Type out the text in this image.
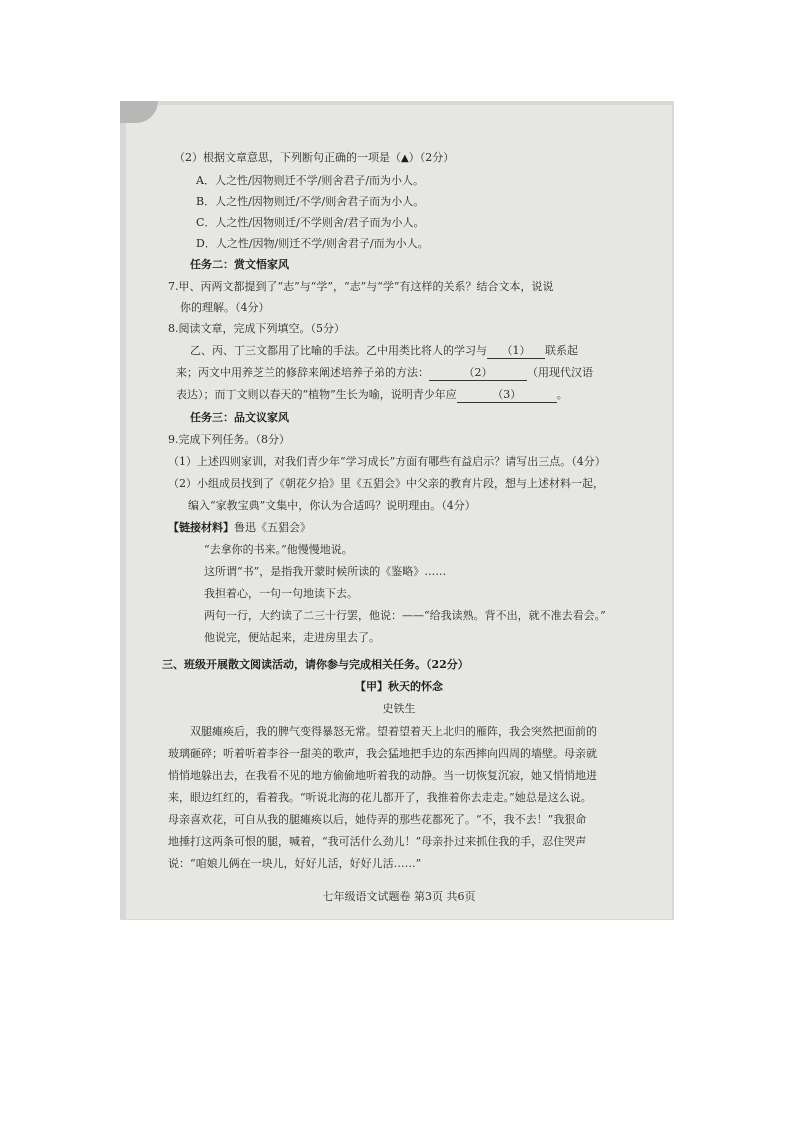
（2）根据文章意思，下列断句正确的一项是（▲）（2分）
A．人之性/因物则迁不学/则舍君子/而为小人。
B．人之性/因物则迁/不学/则舍君子而为小人。
C．人之性/因物则迁/不学则舍/君子而为小人。
D．人之性/因物/则迁不学/则舍君子/而为小人。
任务二：赏文悟家风
7.甲、丙两文都提到了“志”与“学”，“志”与“学”有这样的关系？结合文本，说说
你的理解。（4分）
8.阅读文章，完成下列填空。（5分）
乙、丙、丁三文都用了比喻的手法。乙中用类比将人的学习与 （1） 联系起
来；丙文中用养芝兰的修辞来阐述培养子弟的方法：	（2）	（用现代汉语
表达）；而丁文则以春天的“植物”生长为喻，说明青少年应	（3）	。
任务三：品文议家风
9.完成下列任务。（8分）
（1）上述四则家训，对我们青少年“学习成长”方面有哪些有益启示？请写出三点。（4分）
（2）小组成员找到了《朝花夕拾》里《五猖会》中父亲的教育片段，想与上述材料一起，
编入“家教宝典”文集中，你认为合适吗？说明理由。（4分）
【链接材料】鲁迅《五猖会》
“去拿你的书来。”他慢慢地说。
这所谓“书”，是指我开蒙时候所读的《鉴略》……
我担着心，一句一句地读下去。
两句一行，大约读了二三十行罢，他说：——“给我读熟。背不出，就不准去看会。”
他说完，便站起来，走进房里去了。
三、班级开展散文阅读活动，请你参与完成相关任务。（22分）
【甲】秋天的怀念
史铁生
双腿瘫痪后，我的脾气变得暴怒无常。望着望着天上北归的雁阵，我会突然把面前的
玻璃砸碎；听着听着李谷一甜美的歌声，我会猛地把手边的东西摔向四周的墙壁。母亲就
悄悄地躲出去，在我看不见的地方偷偷地听着我的动静。当一切恢复沉寂，她又悄悄地进
来，眼边红红的，看着我。“听说北海的花儿都开了，我推着你去走走。”她总是这么说。
母亲喜欢花，可自从我的腿瘫痪以后，她侍弄的那些花都死了。“不，我不去！”我狠命
地捶打这两条可恨的腿，喊着，“我可活什么劲儿！”母亲扑过来抓住我的手，忍住哭声
说：“咱娘儿俩在一块儿，好好儿活，好好儿活……”
七年级语文试题卷 第3页 共6页
